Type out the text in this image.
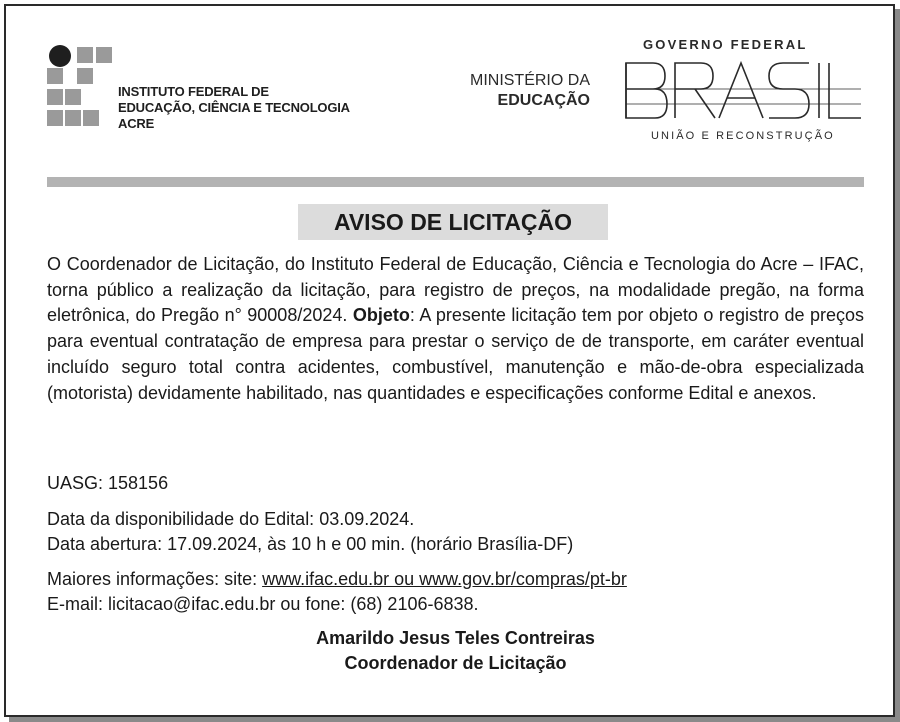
INSTITUTO FEDERAL DE
EDUCAÇÃO, CIÊNCIA E TECNOLOGIA
ACRE
MINISTÉRIO DA
EDUCAÇÃO
GOVERNO FEDERAL
UNIÃO E RECONSTRUÇÃO
AVISO DE LICITAÇÃO

O Coordenador de Licitação, do Instituto Federal de Educação, Ciência e Tecnologia do Acre – IFAC, torna público a realização da licitação, para registro de preços, na modalidade pregão, na forma eletrônica, do Pregão n° 90008/2024. Objeto: A presente licitação tem por objeto o registro de preços para eventual contratação de empresa para prestar o serviço de de transporte, em caráter eventual incluído seguro total contra acidentes, combustível, manutenção e mão-de-obra especializada (motorista) devidamente habilitado, nas quantidades e especificações conforme Edital e anexos.

UASG: 158156
Data da disponibilidade do Edital: 03.09.2024.
Data abertura: 17.09.2024, às 10 h e 00 min. (horário Brasília-DF)
Maiores informações: site: www.ifac.edu.br ou www.gov.br/compras/pt-br
E-mail: licitacao@ifac.edu.br ou fone: (68) 2106-6838.
Amarildo Jesus Teles Contreiras
Coordenador de Licitação
